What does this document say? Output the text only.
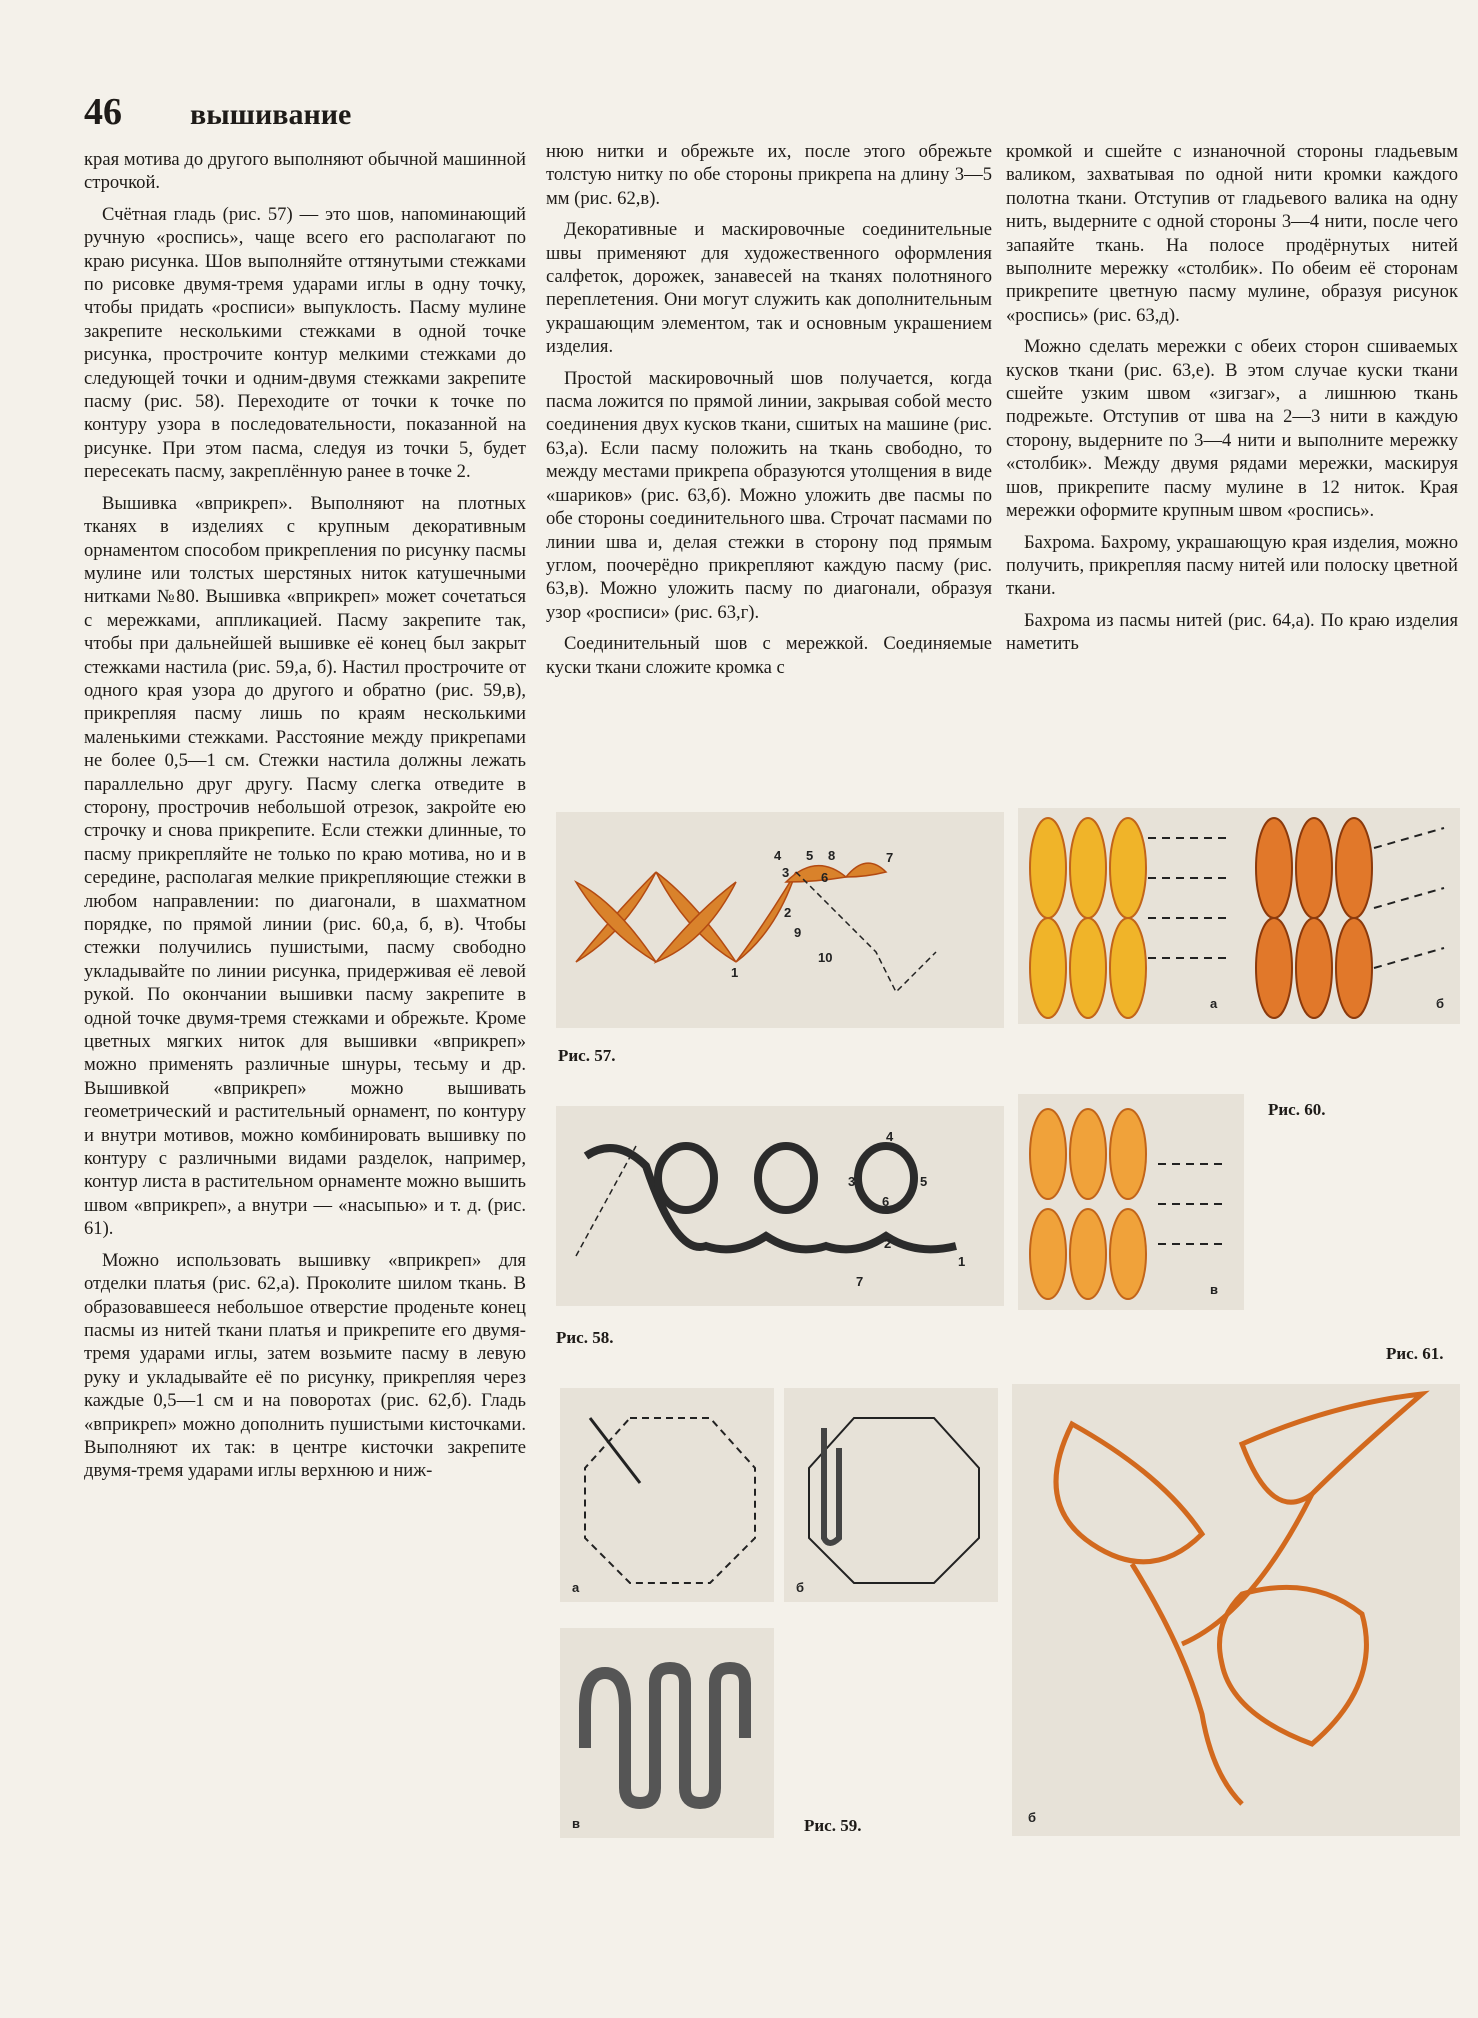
46 вышивание

края мотива до другого выполняют обычной машинной строчкой.

Счётная гладь (рис. 57) — это шов, напоминающий ручную «роспись», чаще всего его располагают по краю рисунка. Шов выполняйте оттянутыми стежками по рисовке двумя-тремя ударами иглы в одну точку, чтобы придать «росписи» выпуклость. Пасму мулине закрепите несколькими стежками в одной точке рисунка, прострочите контур мелкими стежками до следующей точки и одним-двумя стежками закрепите пасму (рис. 58). Переходите от точки к точке по контуру узора в последовательности, показанной на рисунке. При этом пасма, следуя из точки 5, будет пересекать пасму, закреплённую ранее в точке 2.

Вышивка «вприкреп». Выполняют на плотных тканях в изделиях с крупным декоративным орнаментом способом прикрепления по рисунку пасмы мулине или толстых шерстяных ниток катушечными нитками №80. Вышивка «вприкреп» может сочетаться с мережками, аппликацией. Пасму закрепите так, чтобы при дальнейшей вышивке её конец был закрыт стежками настила (рис. 59,а, б). Настил прострочите от одного края узора до другого и обратно (рис. 59,в), прикрепляя пасму лишь по краям несколькими маленькими стежками. Расстояние между прикрепами не более 0,5—1 см. Стежки настила должны лежать параллельно друг другу. Пасму слегка отведите в сторону, прострочив небольшой отрезок, закройте ею строчку и снова прикрепите. Если стежки длинные, то пасму прикрепляйте не только по краю мотива, но и в середине, располагая мелкие прикрепляющие стежки в любом направлении: по диагонали, в шахматном порядке, по прямой линии (рис. 60,а, б, в). Чтобы стежки получились пушистыми, пасму свободно укладывайте по линии рисунка, придерживая её левой рукой. По окончании вышивки пасму закрепите в одной точке двумя-тремя стежками и обрежьте. Кроме цветных мягких ниток для вышивки «вприкреп» можно применять различные шнуры, тесьму и др. Вышивкой «вприкреп» можно вышивать геометрический и растительный орнамент, по контуру и внутри мотивов, можно комбинировать вышивку по контуру с различными видами разделок, например, контур листа в растительном орнаменте можно вышить швом «вприкреп», а внутри — «насыпью» и т. д. (рис. 61).

Можно использовать вышивку «вприкреп» для отделки платья (рис. 62,а). Проколите шилом ткань. В образовавшееся небольшое отверстие проденьте конец пасмы из нитей ткани платья и прикрепите его двумя-тремя ударами иглы, затем возьмите пасму в левую руку и укладывайте её по рисунку, прикрепляя через каждые 0,5—1 см и на поворотах (рис. 62,б). Гладь «вприкреп» можно дополнить пушистыми кисточками. Выполняют их так: в центре кисточки закрепите двумя-тремя ударами иглы верхнюю и ниж-

нюю нитки и обрежьте их, после этого обрежьте толстую нитку по обе стороны прикрепа на длину 3—5 мм (рис. 62,в).

Декоративные и маскировочные соединительные швы применяют для художественного оформления салфеток, дорожек, занавесей на тканях полотняного переплетения. Они могут служить как дополнительным украшающим элементом, так и основным украшением изделия.

Простой маскировочный шов получается, когда пасма ложится по прямой линии, закрывая собой место соединения двух кусков ткани, сшитых на машине (рис. 63,а). Если пасму положить на ткань свободно, то между местами прикрепа образуются утолщения в виде «шариков» (рис. 63,б). Можно уложить две пасмы по обе стороны соединительного шва. Строчат пасмами по линии шва и, делая стежки в сторону под прямым углом, поочерёдно прикрепляют каждую пасму (рис. 63,в). Можно уложить пасму по диагонали, образуя узор «росписи» (рис. 63,г).

Соединительный шов с мережкой. Соединяемые куски ткани сложите кромка с

кромкой и сшейте с изнаночной стороны гладьевым валиком, захватывая по одной нити кромки каждого полотна ткани. Отступив от гладьевого валика на одну нить, выдерните с одной стороны 3—4 нити, после чего запаяйте ткань. На полосе продёрнутых нитей выполните мережку «столбик». По обеим её сторонам прикрепите цветную пасму мулине, образуя рисунок «роспись» (рис. 63,д).

Можно сделать мережки с обеих сторон сшиваемых кусков ткани (рис. 63,е). В этом случае куски ткани сшейте узким швом «зигзаг», а лишнюю ткань подрежьте. Отступив от шва на 2—3 нити в каждую сторону, выдерните по 3—4 нити и выполните мережку «столбик». Между двумя рядами мережки, маскируя шов, прикрепите пасму мулине в 12 ниток. Края мережки оформите крупным швом «роспись».

Бахрома. Бахрому, украшающую края изделия, можно получить, прикрепляя пасму нитей или полоску цветной ткани.

Бахрома из пасмы нитей (рис. 64,а). По краю изделия наметить

1
2
3
4 5
6
7
8
9
10
Рис. 57.
1
2
3
4
5
6
7
Рис. 58.
а	б
в	Рис. 59.
а	б
в
Рис. 60.
Рис. 61.
б
